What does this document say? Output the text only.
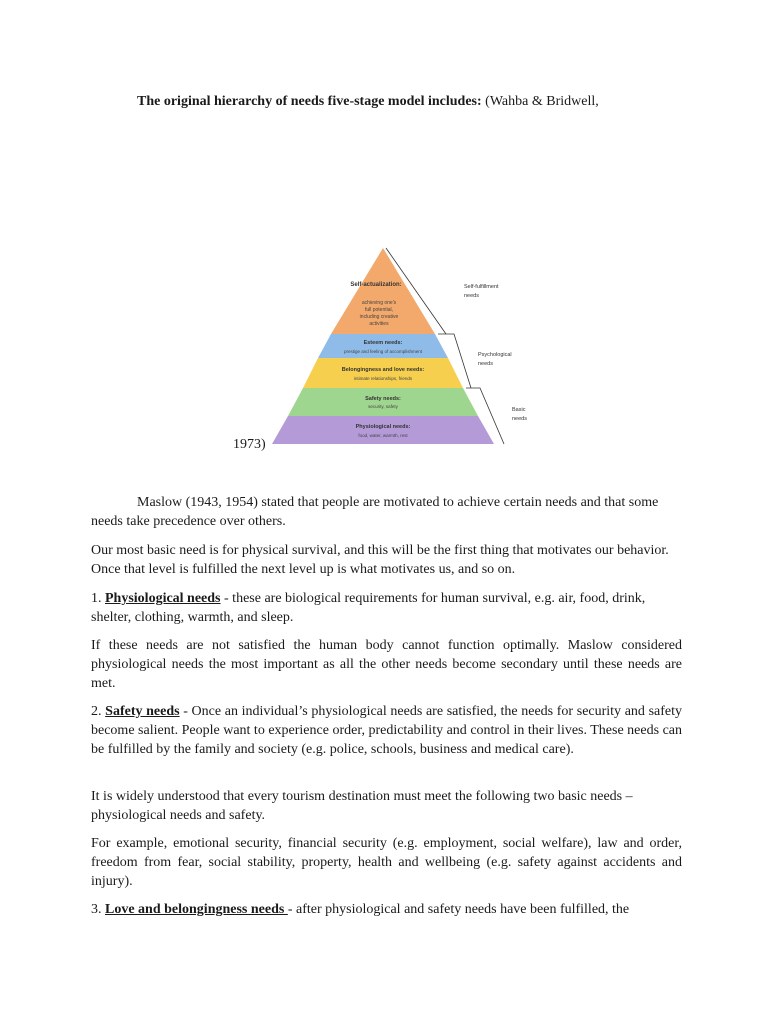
The original hierarchy of needs five-stage model includes: (Wahba & Bridwell,
Self-actualization:
achieving one's
full potential,
including creative
activities
Esteem needs:
prestige and feeling of accomplishment
Belongingness and love needs:
intimate relationships, friends
Safety needs:
security, safety
Physiological needs:
food, water, warmth, rest
Self-fulfillment
needs
Psychological
needs
Basic
needs
1973)

Maslow (1943, 1954) stated that people are motivated to achieve certain needs and that some needs take precedence over others.

Our most basic need is for physical survival, and this will be the first thing that motivates our behavior. Once that level is fulfilled the next level up is what motivates us, and so on.

1. Physiological needs - these are biological requirements for human survival, e.g. air, food, drink, shelter, clothing, warmth, and sleep.

If these needs are not satisfied the human body cannot function optimally. Maslow considered physiological needs the most important as all the other needs become secondary until these needs are met.

2. Safety needs - Once an individual’s physiological needs are satisfied, the needs for security and safety become salient. People want to experience order, predictability and control in their lives. These needs can be fulfilled by the family and society (e.g. police, schools, business and medical care).

It is widely understood that every tourism destination must meet the following two basic needs – physiological needs and safety.

For example, emotional security, financial security (e.g. employment, social welfare), law and order, freedom from fear, social stability, property, health and wellbeing (e.g. safety against accidents and injury).

3. Love and belongingness needs - after physiological and safety needs have been fulfilled, the
